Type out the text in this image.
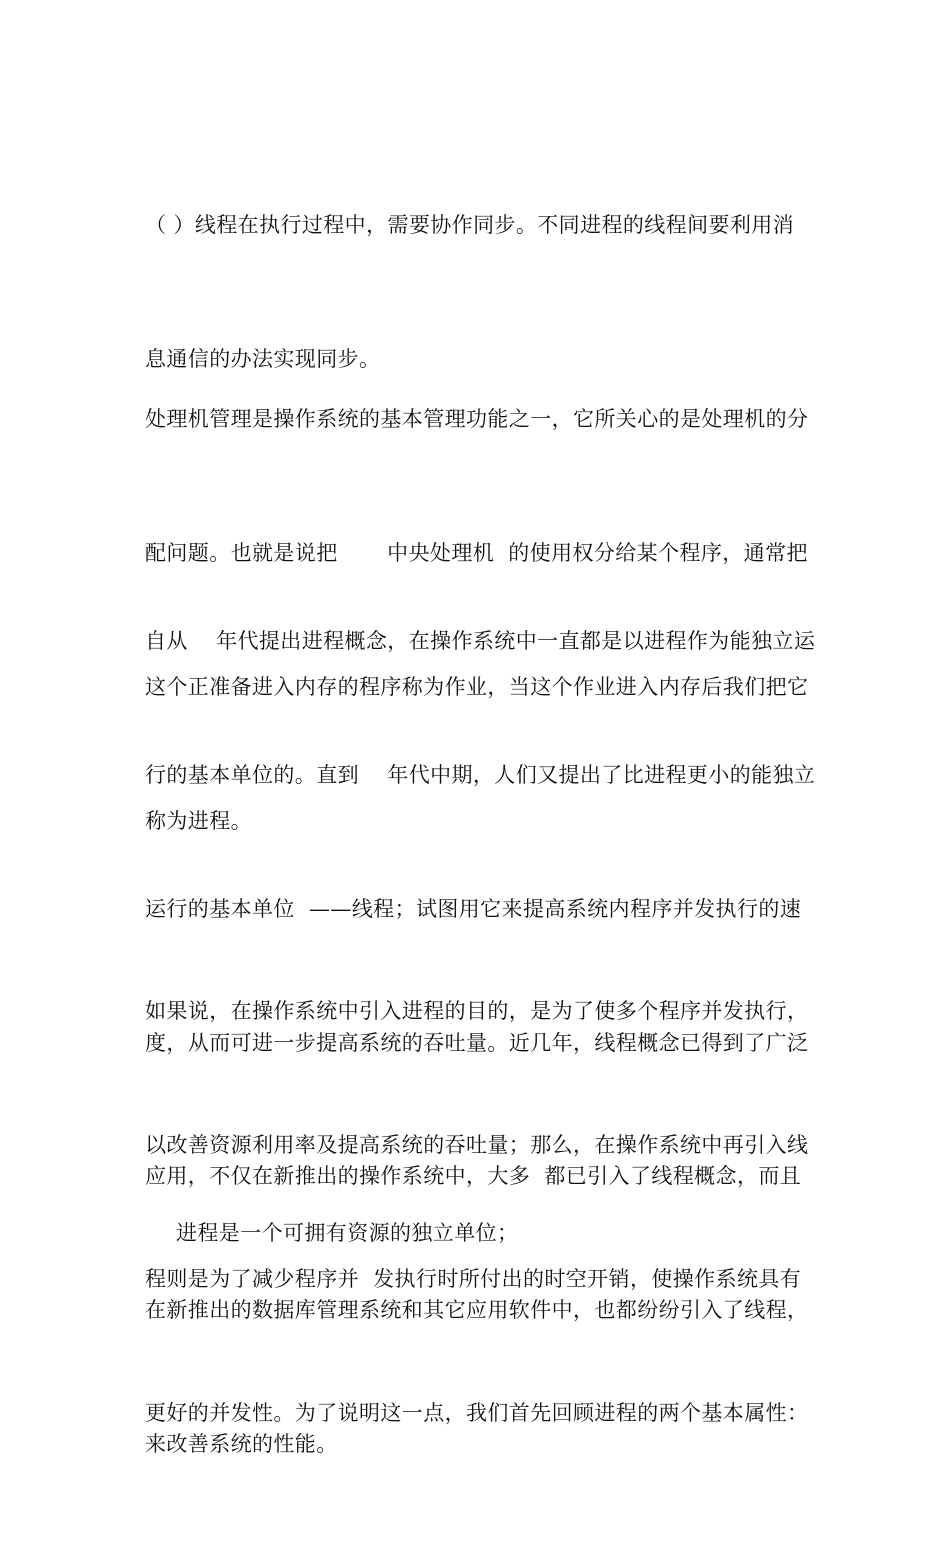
（ ）线程在执行过程中，需要协作同步。不同进程的线程间要利用消

息通信的办法实现同步。

处理机管理是操作系统的基本管理功能之一，它所关心的是处理机的分

配问题。也就是说把       中央处理机  的使用权分给某个程序，通常把

这个正准备进入内存的程序称为作业，当这个作业进入内存后我们把它

称为进程。

自从    年代提出进程概念，在操作系统中一直都是以进程作为能独立运

行的基本单位的。直到    年代中期，人们又提出了比进程更小的能独立

运行的基本单位  ——线程；试图用它来提高系统内程序并发执行的速

度，从而可进一步提高系统的吞吐量。近几年，线程概念已得到了广泛

应用，不仅在新推出的操作系统中，大多  都已引入了线程概念，而且

在新推出的数据库管理系统和其它应用软件中，也都纷纷引入了线程，

来改善系统的性能。

如果说，在操作系统中引入进程的目的，是为了使多个程序并发执行，

以改善资源利用率及提高系统的吞吐量；那么，在操作系统中再引入线

程则是为了减少程序并  发执行时所付出的时空开销，使操作系统具有

更好的并发性。为了说明这一点，我们首先回顾进程的两个基本属性：

进程是一个可拥有资源的独立单位；
